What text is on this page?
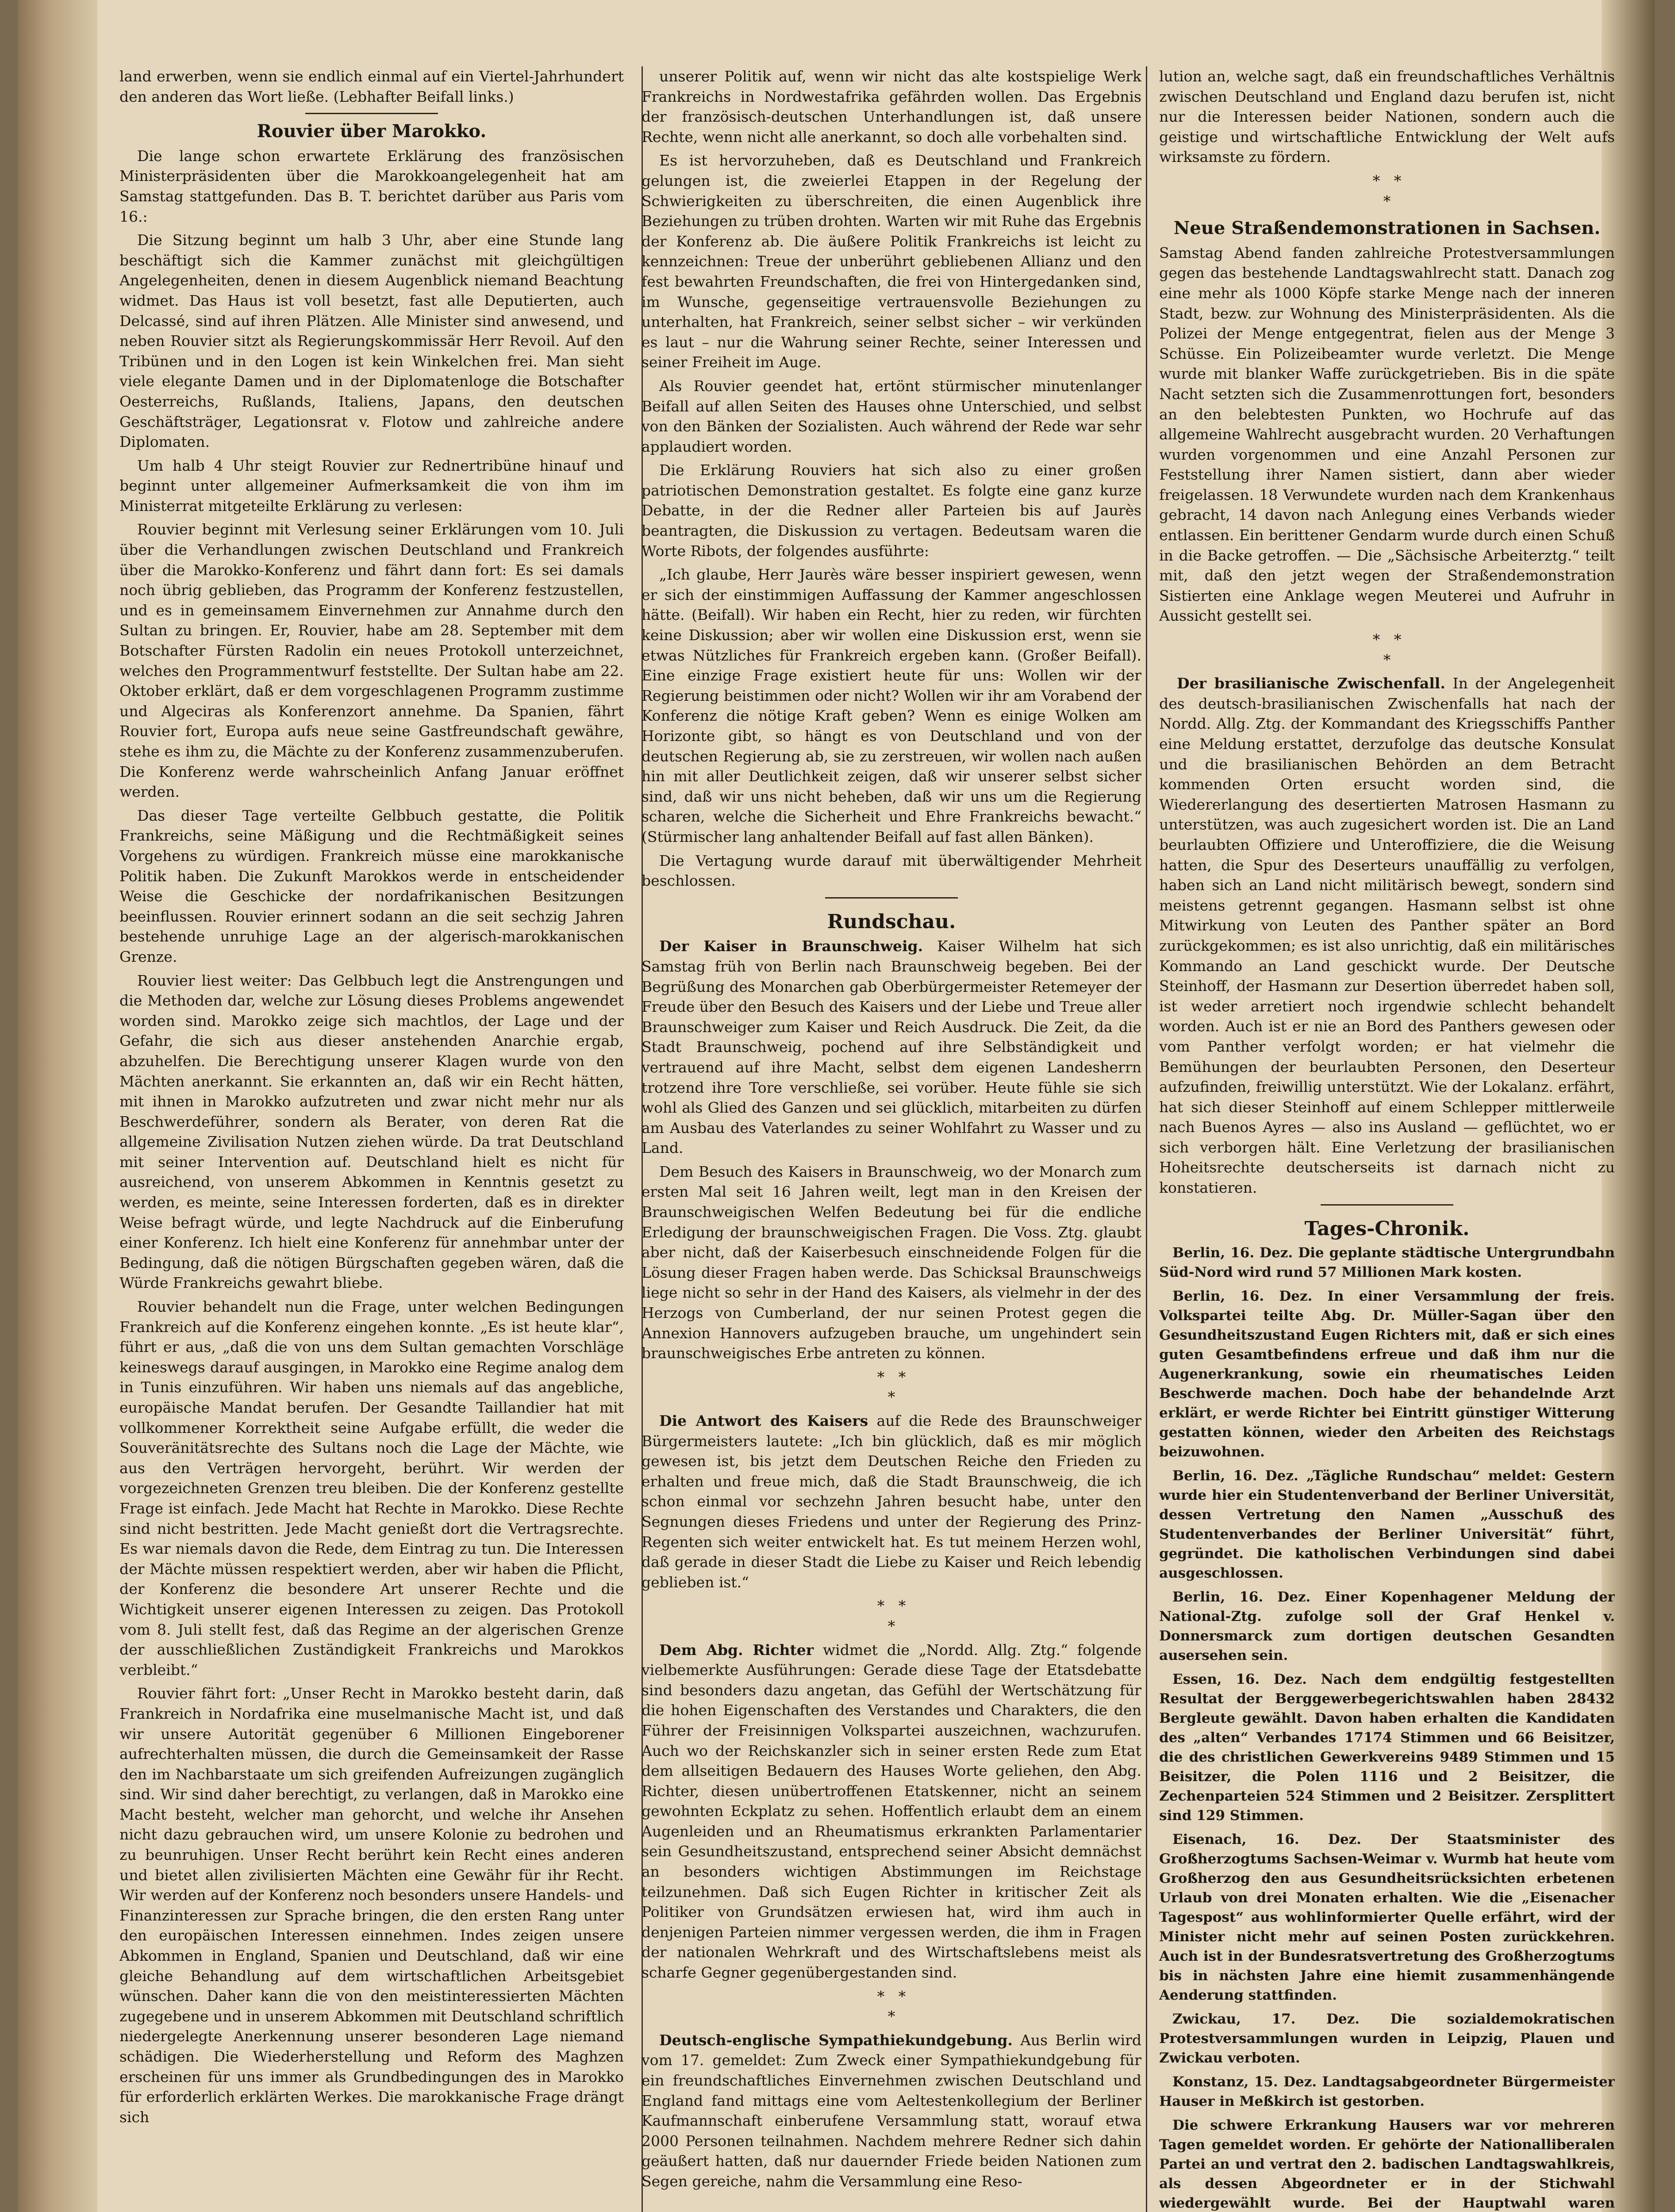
land erwerben, wenn sie endlich einmal auf ein Viertel-Jahrhundert den anderen das Wort ließe. (Lebhafter Beifall links.)

Rouvier über Marokko.

Die lange schon erwartete Erklärung des französischen Ministerpräsidenten über die Marokkoangelegenheit hat am Samstag stattgefunden. Das B. T. berichtet darüber aus Paris vom 16.:

Die Sitzung beginnt um halb 3 Uhr, aber eine Stunde lang beschäftigt sich die Kammer zunächst mit gleichgültigen Angelegenheiten, denen in diesem Augenblick niemand Beachtung widmet. Das Haus ist voll besetzt, fast alle Deputierten, auch Delcassé, sind auf ihren Plätzen. Alle Minister sind anwesend, und neben Rouvier sitzt als Regierungskommissär Herr Revoil. Auf den Tribünen und in den Logen ist kein Winkelchen frei. Man sieht viele elegante Damen und in der Diplomatenloge die Botschafter Oesterreichs, Rußlands, Italiens, Japans, den deutschen Geschäftsträger, Legationsrat v. Flotow und zahlreiche andere Diplomaten.

Um halb 4 Uhr steigt Rouvier zur Rednertribüne hinauf und beginnt unter allgemeiner Aufmerksamkeit die von ihm im Ministerrat mitgeteilte Erklärung zu verlesen:

Rouvier beginnt mit Verlesung seiner Erklärungen vom 10. Juli über die Verhandlungen zwischen Deutschland und Frankreich über die Marokko-Konferenz und fährt dann fort: Es sei damals noch übrig geblieben, das Programm der Konferenz festzustellen, und es in gemeinsamem Einvernehmen zur Annahme durch den Sultan zu bringen. Er, Rouvier, habe am 28. September mit dem Botschafter Fürsten Radolin ein neues Protokoll unterzeichnet, welches den Programmentwurf feststellte. Der Sultan habe am 22. Oktober erklärt, daß er dem vorgeschlagenen Programm zustimme und Algeciras als Konferenzort annehme. Da Spanien, fährt Rouvier fort, Europa aufs neue seine Gastfreundschaft gewähre, stehe es ihm zu, die Mächte zu der Konferenz zusammenzuberufen. Die Konferenz werde wahrscheinlich Anfang Januar eröffnet werden.

Das dieser Tage verteilte Gelbbuch gestatte, die Politik Frankreichs, seine Mäßigung und die Rechtmäßigkeit seines Vorgehens zu würdigen. Frankreich müsse eine marokkanische Politik haben. Die Zukunft Marokkos werde in entscheidender Weise die Geschicke der nordafrikanischen Besitzungen beeinflussen. Rouvier erinnert sodann an die seit sechzig Jahren bestehende unruhige Lage an der algerisch-marokkanischen Grenze.

Rouvier liest weiter: Das Gelbbuch legt die Anstrengungen und die Methoden dar, welche zur Lösung dieses Problems angewendet worden sind. Marokko zeige sich machtlos, der Lage und der Gefahr, die sich aus dieser anstehenden Anarchie ergab, abzuhelfen. Die Berechtigung unserer Klagen wurde von den Mächten anerkannt. Sie erkannten an, daß wir ein Recht hätten, mit ihnen in Marokko aufzutreten und zwar nicht mehr nur als Beschwerdeführer, sondern als Berater, von deren Rat die allgemeine Zivilisation Nutzen ziehen würde. Da trat Deutschland mit seiner Intervention auf. Deutschland hielt es nicht für ausreichend, von unserem Abkommen in Kenntnis gesetzt zu werden, es meinte, seine Interessen forderten, daß es in direkter Weise befragt würde, und legte Nachdruck auf die Einberufung einer Konferenz. Ich hielt eine Konferenz für annehmbar unter der Bedingung, daß die nötigen Bürgschaften gegeben wären, daß die Würde Frankreichs gewahrt bliebe.

Rouvier behandelt nun die Frage, unter welchen Bedingungen Frankreich auf die Konferenz eingehen konnte. „Es ist heute klar“, führt er aus, „daß die von uns dem Sultan gemachten Vorschläge keineswegs darauf ausgingen, in Marokko eine Regime analog dem in Tunis einzuführen. Wir haben uns niemals auf das angebliche, europäische Mandat berufen. Der Gesandte Taillandier hat mit vollkommener Korrektheit seine Aufgabe erfüllt, die weder die Souveränitätsrechte des Sultans noch die Lage der Mächte, wie aus den Verträgen hervorgeht, berührt. Wir werden der vorgezeichneten Grenzen treu bleiben. Die der Konferenz gestellte Frage ist einfach. Jede Macht hat Rechte in Marokko. Diese Rechte sind nicht bestritten. Jede Macht genießt dort die Vertragsrechte. Es war niemals davon die Rede, dem Eintrag zu tun. Die Interessen der Mächte müssen respektiert werden, aber wir haben die Pflicht, der Konferenz die besondere Art unserer Rechte und die Wichtigkeit unserer eigenen Interessen zu zeigen. Das Protokoll vom 8. Juli stellt fest, daß das Regime an der algerischen Grenze der ausschließlichen Zuständigkeit Frankreichs und Marokkos verbleibt.“

Rouvier fährt fort: „Unser Recht in Marokko besteht darin, daß Frankreich in Nordafrika eine muselmanische Macht ist, und daß wir unsere Autorität gegenüber 6 Millionen Eingeborener aufrechterhalten müssen, die durch die Gemeinsamkeit der Rasse den im Nachbarstaate um sich greifenden Aufreizungen zugänglich sind. Wir sind daher berechtigt, zu verlangen, daß in Marokko eine Macht besteht, welcher man gehorcht, und welche ihr Ansehen nicht dazu gebrauchen wird, um unsere Kolonie zu bedrohen und zu beunruhigen. Unser Recht berührt kein Recht eines anderen und bietet allen zivilisierten Mächten eine Gewähr für ihr Recht. Wir werden auf der Konferenz noch besonders unsere Handels- und Finanzinteressen zur Sprache bringen, die den ersten Rang unter den europäischen Interessen einnehmen. Indes zeigen unsere Abkommen in England, Spanien und Deutschland, daß wir eine gleiche Behandlung auf dem wirtschaftlichen Arbeitsgebiet wünschen. Daher kann die von den meistinteressierten Mächten zugegebene und in unserem Abkommen mit Deutschland schriftlich niedergelegte Anerkennung unserer besonderen Lage niemand schädigen. Die Wiederherstellung und Reform des Maghzen erscheinen für uns immer als Grundbedingungen des in Marokko für erforderlich erklärten Werkes. Die marokkanische Frage drängt sich

unserer Politik auf, wenn wir nicht das alte kostspielige Werk Frankreichs in Nordwestafrika gefährden wollen. Das Ergebnis der französisch-deutschen Unterhandlungen ist, daß unsere Rechte, wenn nicht alle anerkannt, so doch alle vorbehalten sind.

Es ist hervorzuheben, daß es Deutschland und Frankreich gelungen ist, die zweierlei Etappen in der Regelung der Schwierigkeiten zu überschreiten, die einen Augenblick ihre Beziehungen zu trüben drohten. Warten wir mit Ruhe das Ergebnis der Konferenz ab. Die äußere Politik Frankreichs ist leicht zu kennzeichnen: Treue der unberührt gebliebenen Allianz und den fest bewahrten Freundschaften, die frei von Hintergedanken sind, im Wunsche, gegenseitige vertrauensvolle Beziehungen zu unterhalten, hat Frankreich, seiner selbst sicher – wir verkünden es laut – nur die Wahrung seiner Rechte, seiner Interessen und seiner Freiheit im Auge.

Als Rouvier geendet hat, ertönt stürmischer minutenlanger Beifall auf allen Seiten des Hauses ohne Unterschied, und selbst von den Bänken der Sozialisten. Auch während der Rede war sehr applaudiert worden.

Die Erklärung Rouviers hat sich also zu einer großen patriotischen Demonstration gestaltet. Es folgte eine ganz kurze Debatte, in der die Redner aller Parteien bis auf Jaurès beantragten, die Diskussion zu vertagen. Bedeutsam waren die Worte Ribots, der folgendes ausführte:

„Ich glaube, Herr Jaurès wäre besser inspiriert gewesen, wenn er sich der einstimmigen Auffassung der Kammer angeschlossen hätte. (Beifall). Wir haben ein Recht, hier zu reden, wir fürchten keine Diskussion; aber wir wollen eine Diskussion erst, wenn sie etwas Nützliches für Frankreich ergeben kann. (Großer Beifall). Eine einzige Frage existiert heute für uns: Wollen wir der Regierung beistimmen oder nicht? Wollen wir ihr am Vorabend der Konferenz die nötige Kraft geben? Wenn es einige Wolken am Horizonte gibt, so hängt es von Deutschland und von der deutschen Regierung ab, sie zu zerstreuen, wir wollen nach außen hin mit aller Deutlichkeit zeigen, daß wir unserer selbst sicher sind, daß wir uns nicht beheben, daß wir uns um die Regierung scharen, welche die Sicherheit und Ehre Frankreichs bewacht.“ (Stürmischer lang anhaltender Beifall auf fast allen Bänken).

Die Vertagung wurde darauf mit überwältigender Mehrheit beschlossen.

Rundschau.

Der Kaiser in Braunschweig. Kaiser Wilhelm hat sich Samstag früh von Berlin nach Braunschweig begeben. Bei der Begrüßung des Monarchen gab Oberbürgermeister Retemeyer der Freude über den Besuch des Kaisers und der Liebe und Treue aller Braunschweiger zum Kaiser und Reich Ausdruck. Die Zeit, da die Stadt Braunschweig, pochend auf ihre Selbständigkeit und vertrauend auf ihre Macht, selbst dem eigenen Landesherrn trotzend ihre Tore verschließe, sei vorüber. Heute fühle sie sich wohl als Glied des Ganzen und sei glücklich, mitarbeiten zu dürfen am Ausbau des Vaterlandes zu seiner Wohlfahrt zu Wasser und zu Land.

Dem Besuch des Kaisers in Braunschweig, wo der Monarch zum ersten Mal seit 16 Jahren weilt, legt man in den Kreisen der Braunschweigischen Welfen Bedeutung bei für die endliche Erledigung der braunschweigischen Fragen. Die Voss. Ztg. glaubt aber nicht, daß der Kaiserbesuch einschneidende Folgen für die Lösung dieser Fragen haben werde. Das Schicksal Braunschweigs liege nicht so sehr in der Hand des Kaisers, als vielmehr in der des Herzogs von Cumberland, der nur seinen Protest gegen die Annexion Hannovers aufzugeben brauche, um ungehindert sein braunschweigisches Erbe antreten zu können.

*   *
*

Die Antwort des Kaisers auf die Rede des Braunschweiger Bürgermeisters lautete: „Ich bin glücklich, daß es mir möglich gewesen ist, bis jetzt dem Deutschen Reiche den Frieden zu erhalten und freue mich, daß die Stadt Braunschweig, die ich schon einmal vor sechzehn Jahren besucht habe, unter den Segnungen dieses Friedens und unter der Regierung des Prinz-Regenten sich weiter entwickelt hat. Es tut meinem Herzen wohl, daß gerade in dieser Stadt die Liebe zu Kaiser und Reich lebendig geblieben ist.“

*   *
*

Dem Abg. Richter widmet die „Nordd. Allg. Ztg.“ folgende vielbemerkte Ausführungen: Gerade diese Tage der Etatsdebatte sind besonders dazu angetan, das Gefühl der Wertschätzung für die hohen Eigenschaften des Verstandes und Charakters, die den Führer der Freisinnigen Volkspartei auszeichnen, wachzurufen. Auch wo der Reichskanzler sich in seiner ersten Rede zum Etat dem allseitigen Bedauern des Hauses Worte geliehen, den Abg. Richter, diesen unübertroffenen Etatskenner, nicht an seinem gewohnten Eckplatz zu sehen. Hoffentlich erlaubt dem an einem Augenleiden und an Rheumatismus erkrankten Parlamentarier sein Gesundheitszustand, entsprechend seiner Absicht demnächst an besonders wichtigen Abstimmungen im Reichstage teilzunehmen. Daß sich Eugen Richter in kritischer Zeit als Politiker von Grundsätzen erwiesen hat, wird ihm auch in denjenigen Parteien nimmer vergessen werden, die ihm in Fragen der nationalen Wehrkraft und des Wirtschaftslebens meist als scharfe Gegner gegenübergestanden sind.

*   *
*

Deutsch-englische Sympathiekundgebung. Aus Berlin wird vom 17. gemeldet: Zum Zweck einer Sympathiekundgebung für ein freundschaftliches Einvernehmen zwischen Deutschland und England fand mittags eine vom Aeltestenkollegium der Berliner Kaufmannschaft einberufene Versammlung statt, worauf etwa 2000 Personen teilnahmen. Nachdem mehrere Redner sich dahin geäußert hatten, daß nur dauernder Friede beiden Nationen zum Segen gereiche, nahm die Versammlung eine Reso-

lution an, welche sagt, daß ein freundschaftliches Verhältnis zwischen Deutschland und England dazu berufen ist, nicht nur die Interessen beider Nationen, sondern auch die geistige und wirtschaftliche Entwicklung der Welt aufs wirksamste zu fördern.

*   *
*
Neue Straßendemonstrationen in Sachsen.

Samstag Abend fanden zahlreiche Protestversammlungen gegen das bestehende Landtagswahlrecht statt. Danach zog eine mehr als 1000 Köpfe starke Menge nach der inneren Stadt, bezw. zur Wohnung des Ministerpräsidenten. Als die Polizei der Menge entgegentrat, fielen aus der Menge 3 Schüsse. Ein Polizeibeamter wurde verletzt. Die Menge wurde mit blanker Waffe zurückgetrieben. Bis in die späte Nacht setzten sich die Zusammenrottungen fort, besonders an den belebtesten Punkten, wo Hochrufe auf das allgemeine Wahlrecht ausgebracht wurden. 20 Verhaftungen wurden vorgenommen und eine Anzahl Personen zur Feststellung ihrer Namen sistiert, dann aber wieder freigelassen. 18 Verwundete wurden nach dem Krankenhaus gebracht, 14 davon nach Anlegung eines Verbands wieder entlassen. Ein berittener Gendarm wurde durch einen Schuß in die Backe getroffen. — Die „Sächsische Arbeiterztg.“ teilt mit, daß den jetzt wegen der Straßendemonstration Sistierten eine Anklage wegen Meuterei und Aufruhr in Aussicht gestellt sei.

*   *
*

Der brasilianische Zwischenfall. In der Angelegenheit des deutsch-brasilianischen Zwischenfalls hat nach der Nordd. Allg. Ztg. der Kommandant des Kriegsschiffs Panther eine Meldung erstattet, derzufolge das deutsche Konsulat und die brasilianischen Behörden an dem Betracht kommenden Orten ersucht worden sind, die Wiedererlangung des desertierten Matrosen Hasmann zu unterstützen, was auch zugesichert worden ist. Die an Land beurlaubten Offiziere und Unteroffiziere, die die Weisung hatten, die Spur des Deserteurs unauffällig zu verfolgen, haben sich an Land nicht militärisch bewegt, sondern sind meistens getrennt gegangen. Hasmann selbst ist ohne Mitwirkung von Leuten des Panther später an Bord zurückgekommen; es ist also unrichtig, daß ein militärisches Kommando an Land geschickt wurde. Der Deutsche Steinhoff, der Hasmann zur Desertion überredet haben soll, ist weder arretiert noch irgendwie schlecht behandelt worden. Auch ist er nie an Bord des Panthers gewesen oder vom Panther verfolgt worden; er hat vielmehr die Bemühungen der beurlaubten Personen, den Deserteur aufzufinden, freiwillig unterstützt. Wie der Lokalanz. erfährt, hat sich dieser Steinhoff auf einem Schlepper mittlerweile nach Buenos Ayres — also ins Ausland — geflüchtet, wo er sich verborgen hält. Eine Verletzung der brasilianischen Hoheitsrechte deutscherseits ist darnach nicht zu konstatieren.

Tages-Chronik.
Berlin, 16. Dez. Die geplante städtische Untergrundbahn Süd-Nord wird rund 57 Millionen Mark kosten.
Berlin, 16. Dez. In einer Versammlung der freis. Volkspartei teilte Abg. Dr. Müller-Sagan über den Gesundheitszustand Eugen Richters mit, daß er sich eines guten Gesamtbefindens erfreue und daß ihm nur die Augenerkrankung, sowie ein rheumatisches Leiden Beschwerde machen. Doch habe der behandelnde Arzt erklärt, er werde Richter bei Eintritt günstiger Witterung gestatten können, wieder den Arbeiten des Reichstags beizuwohnen.
Berlin, 16. Dez. „Tägliche Rundschau“ meldet: Gestern wurde hier ein Studentenverband der Berliner Universität, dessen Vertretung den Namen „Ausschuß des Studentenverbandes der Berliner Universität“ führt, gegründet. Die katholischen Verbindungen sind dabei ausgeschlossen.
Berlin, 16. Dez. Einer Kopenhagener Meldung der National-Ztg. zufolge soll der Graf Henkel v. Donnersmarck zum dortigen deutschen Gesandten ausersehen sein.
Essen, 16. Dez. Nach dem endgültig festgestellten Resultat der Berggewerbegerichtswahlen haben 28432 Bergleute gewählt. Davon haben erhalten die Kandidaten des „alten“ Verbandes 17174 Stimmen und 66 Beisitzer, die des christlichen Gewerkvereins 9489 Stimmen und 15 Beisitzer, die Polen 1116 und 2 Beisitzer, die Zechenparteien 524 Stimmen und 2 Beisitzer. Zersplittert sind 129 Stimmen.
Eisenach, 16. Dez. Der Staatsminister des Großherzogtums Sachsen-Weimar v. Wurmb hat heute vom Großherzog den aus Gesundheitsrücksichten erbetenen Urlaub von drei Monaten erhalten. Wie die „Eisenacher Tagespost“ aus wohlinformierter Quelle erfährt, wird der Minister nicht mehr auf seinen Posten zurückkehren. Auch ist in der Bundesratsvertretung des Großherzogtums bis in nächsten Jahre eine hiemit zusammenhängende Aenderung stattfinden.
Zwickau, 17. Dez. Die sozialdemokratischen Protestversammlungen wurden in Leipzig, Plauen und Zwickau verboten.
Konstanz, 15. Dez. Landtagsabgeordneter Bürgermeister Hauser in Meßkirch ist gestorben.
Die schwere Erkrankung Hausers war vor mehreren Tagen gemeldet worden. Er gehörte der Nationalliberalen Partei an und vertrat den 2. badischen Landtagswahlkreis, als dessen Abgeordneter er in der Stichwahl wiedergewählt wurde. Bei der Hauptwahl waren
